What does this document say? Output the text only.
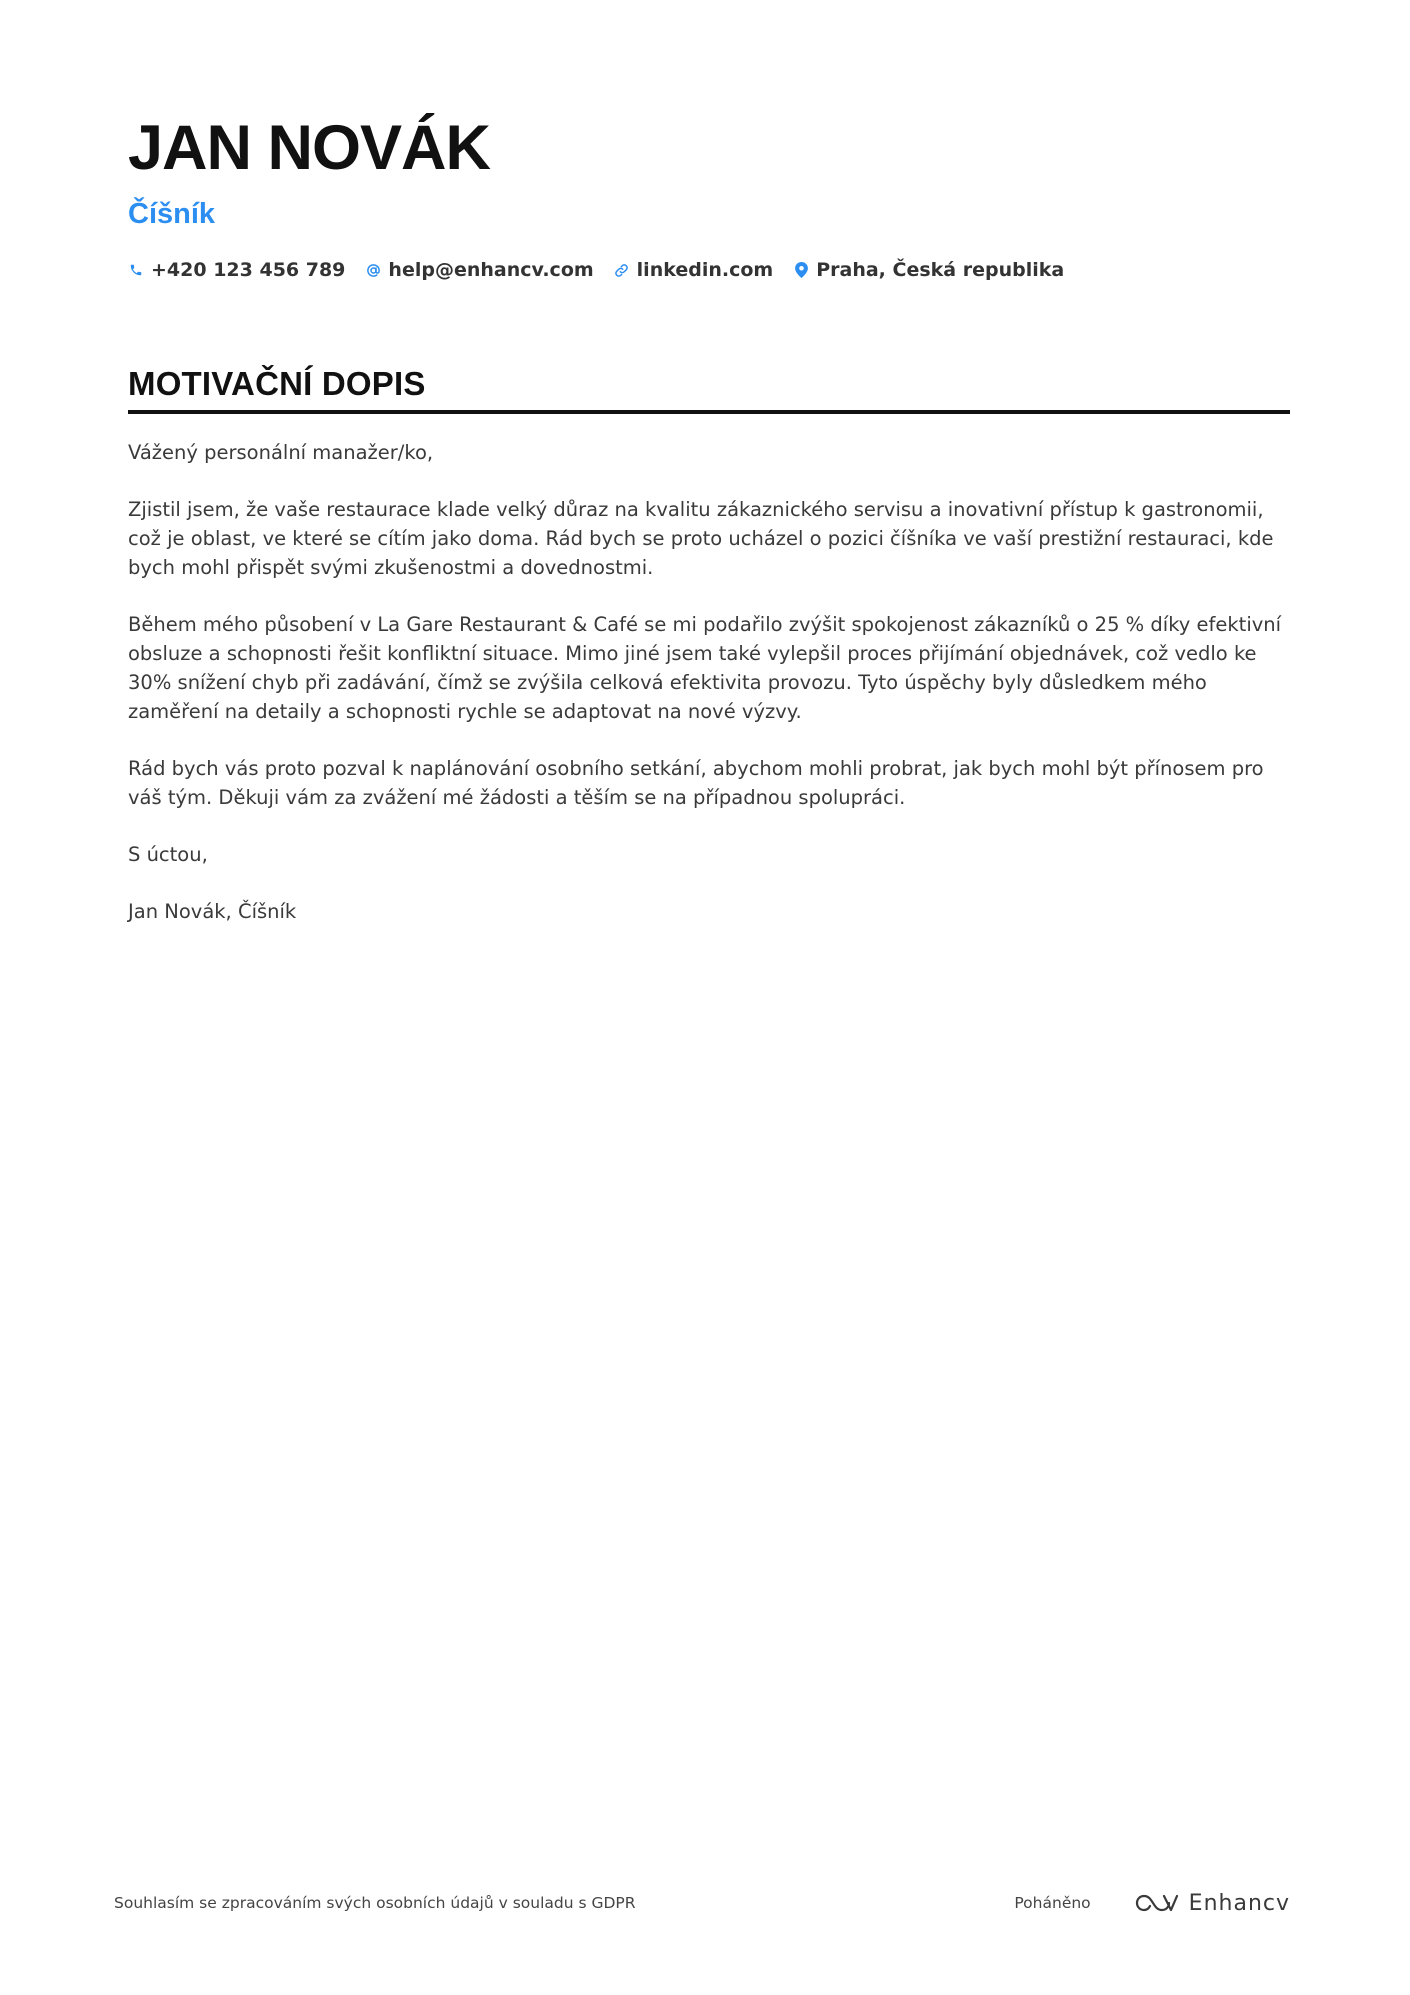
JAN NOVÁK
Číšník
+420 123 456 789 help@enhancv.com linkedin.com Praha, Česká republika
MOTIVAČNÍ DOPIS

Vážený personální manažer/ko,

Zjistil jsem, že vaše restaurace klade velký důraz na kvalitu zákaznického servisu a inovativní přístup k gastronomii, což je oblast, ve které se cítím jako doma. Rád bych se proto ucházel o pozici číšníka ve vaší prestižní restauraci, kde bych mohl přispět svými zkušenostmi a dovednostmi.

Během mého působení v La Gare Restaurant & Café se mi podařilo zvýšit spokojenost zákazníků o 25 % díky efektivní obsluze a schopnosti řešit konfliktní situace. Mimo jiné jsem také vylepšil proces přijímání objednávek, což vedlo ke 30% snížení chyb při zadávání, čímž se zvýšila celková efektivita provozu. Tyto úspěchy byly důsledkem mého zaměření na detaily a schopnosti rychle se adaptovat na nové výzvy.

Rád bych vás proto pozval k naplánování osobního setkání, abychom mohli probrat, jak bych mohl být přínosem pro váš tým. Děkuji vám za zvážení mé žádosti a těším se na případnou spolupráci.

S úctou,

Jan Novák, Číšník

Souhlasím se zpracováním svých osobních údajů v souladu s GDPR	Poháněno	Enhancv
